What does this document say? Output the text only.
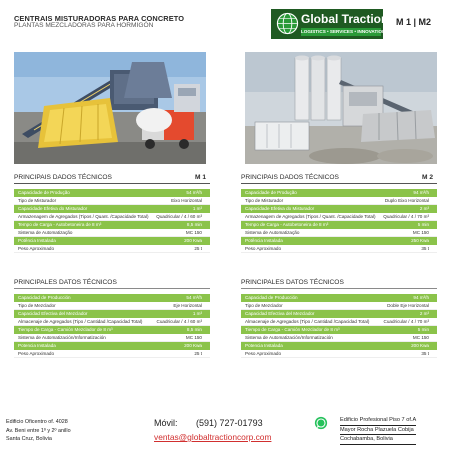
CENTRAIS MISTURADORAS PARA CONCRETO
PLANTAS MEZCLADORAS PARA HORMIGÓN	Global Traction
LOGISTICS • SERVICES • INNOVATION
M 1 | M2
PRINCIPAIS DADOS TÉCNICOS	M 1
Capacidade de Produção	54 m³/h
Tipo de Misturador	Eixo Horizontal
Capacidade Efetiva do Misturador	1 m³
Armazenagem de Agregados (Tipos / Quant. /Capacidade Total) Quadricular / 4 / 60 m³
Tempo de Carga - Autobetoneira de 8 m³	8,5 min
Sistema de Automatização	MC 150
Potência Instalada	200 Kwa
Peso Aproximado	25 t
PRINCIPAIS DADOS TÉCNICOS	M 2
Capacidade de Produção	94 m³/h
Tipo de Misturador	Duplo Eixo Horizontal
Capacidade Efetiva do Misturador	2 m³
Armazenagem de Agregados (Tipos / Quant. /Capacidade Total) Quadricular / 4 / 70 m³
Tempo de Carga - Autobetoneira de 8 m³	5 min
Sistema de Automatização	MC 150
Potência Instalada	250 Kwa
Peso Aproximado	35 t
PRINCIPALES DATOS TÉCNICOS
Capacidad de Producción	54 m³/h
Tipo de Mezclador	Eje Horizontal
Capacidad Efectiva del Mezclador	1 m³
Almacenaje de Agregados (Tipo / Cantidad /Capacidad Total)	Cuadricular / 4 / 60 m³
Tiempo de Carga - Camión Mezclador de 8 m³	8,5 min
Sistema de Automatización/Informatización	MC 150
Potencia Instalada	200 Kwa
Peso Aproximado	25 t
PRINCIPALES DATOS TÉCNICOS
Capacidad de Producción	94 m³/h
Tipo de Mezclador	Doble Eje Horizontal
Capacidad Efectiva del Mezclador	2 m³
Almacenaje de Agregados (Tipo / Cantidad /Capacidad Total)	Cuadricular / 4 / 70 m³
Tiempo de Carga - Camión Mezclador de 8 m³	5 min
Sistema de Automatización/Informatización	MC 150
Potencia Instalada	200 Kwa
Peso Aproximado	35 t
Edificio Oficentro of. 4028
Av. Beni entre 1º y 2º anillo
Santa Cruz, Bolivia
Móvil: (591) 727-01793
ventas@globaltractioncorp.com
Edificio Profesional Piso 7 of.A
Mayor Rocha Plazuela Cobija
Cochabamba, Bolivia
